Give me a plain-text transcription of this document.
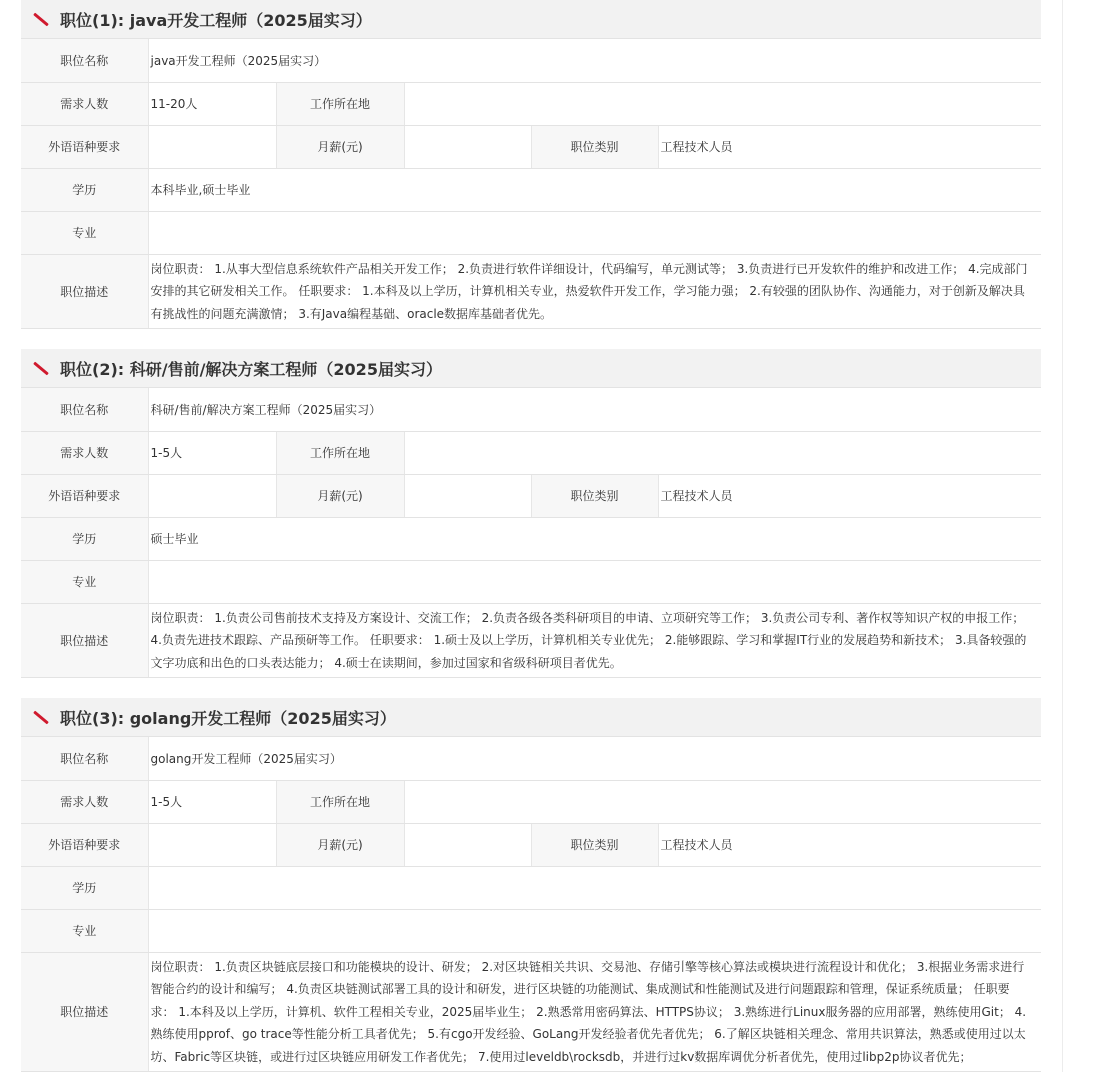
职位(1): java开发工程师（2025届实习）
职位名称	java开发工程师（2025届实习）				
需求人数	11-20人	工作所在地			
外语语种要求		月薪(元)		职位类别	工程技术人员
学历	本科毕业,硕士毕业				
专业					
职位描述	岗位职责： 1.从事大型信息系统软件产品相关开发工作； 2.负责进行软件详细设计，代码编写，单元测试等； 3.负责进行已开发软件的维护和改进工作； 4.完成部门安排的其它研发相关工作。 任职要求： 1.本科及以上学历，计算机相关专业，热爱软件开发工作，学习能力强； 2.有较强的团队协作、沟通能力，对于创新及解决具有挑战性的问题充满激情； 3.有Java编程基础、oracle数据库基础者优先。				
职位(2): 科研/售前/解决方案工程师（2025届实习）
职位名称	科研/售前/解决方案工程师（2025届实习）				
需求人数	1-5人	工作所在地			
外语语种要求		月薪(元)		职位类别	工程技术人员
学历	硕士毕业				
专业					
职位描述	岗位职责： 1.负责公司售前技术支持及方案设计、交流工作； 2.负责各级各类科研项目的申请、立项研究等工作； 3.负责公司专利、著作权等知识产权的申报工作； 4.负责先进技术跟踪、产品预研等工作。 任职要求： 1.硕士及以上学历，计算机相关专业优先； 2.能够跟踪、学习和掌握IT行业的发展趋势和新技术； 3.具备较强的文字功底和出色的口头表达能力； 4.硕士在读期间，参加过国家和省级科研项目者优先。				
职位(3): golang开发工程师（2025届实习）
职位名称	golang开发工程师（2025届实习）				
需求人数	1-5人	工作所在地			
外语语种要求		月薪(元)		职位类别	工程技术人员
学历					
专业					
职位描述	岗位职责： 1.负责区块链底层接口和功能模块的设计、研发； 2.对区块链相关共识、交易池、存储引擎等核心算法或模块进行流程设计和优化； 3.根据业务需求进行智能合约的设计和编写； 4.负责区块链测试部署工具的设计和研发，进行区块链的功能测试、集成测试和性能测试及进行问题跟踪和管理，保证系统质量； 任职要求： 1.本科及以上学历，计算机、软件工程相关专业，2025届毕业生； 2.熟悉常用密码算法、HTTPS协议； 3.熟练进行Linux服务器的应用部署，熟练使用Git； 4.熟练使用pprof、go trace等性能分析工具者优先； 5.有cgo开发经验、GoLang开发经验者优先者优先； 6.了解区块链相关理念、常用共识算法，熟悉或使用过以太坊、Fabric等区块链，或进行过区块链应用研发工作者优先； 7.使用过leveldb\rocksdb，并进行过kv数据库调优分析者优先，使用过libp2p协议者优先；				
